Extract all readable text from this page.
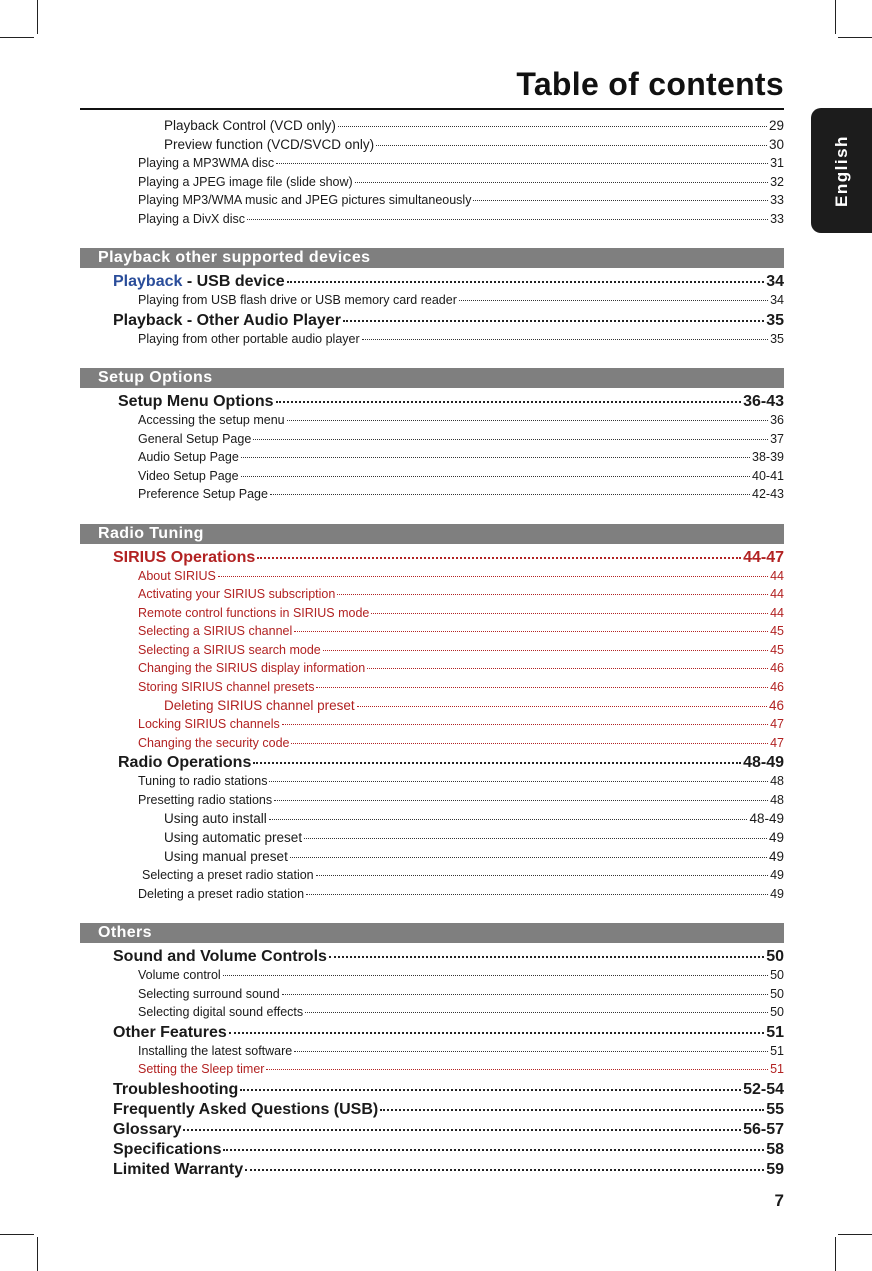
Table of contents
English
Playback Control (VCD only)	29
Preview function (VCD/SVCD only)	30
Playing a MP3WMA disc	31
Playing a JPEG image file (slide show)	32
Playing MP3/WMA music and JPEG pictures simultaneously	33
Playing a DivX disc	33
Playback other supported devices
Playback - USB device	34
Playing from USB flash drive or USB memory card reader	34
Playback - Other Audio Player	35
Playing from other portable audio player	35
Setup Options
Setup Menu Options	36-43
Accessing the setup menu	36
General Setup Page	37
Audio Setup Page	38-39
Video Setup Page	40-41
Preference Setup Page	42-43
Radio Tuning
SIRIUS Operations	44-47
About SIRIUS	44
Activating your SIRIUS subscription	44
Remote control functions in SIRIUS mode	44
Selecting a SIRIUS channel	45
Selecting a SIRIUS search mode	45
Changing the SIRIUS display information	46
Storing SIRIUS channel presets	46
Deleting SIRIUS channel preset	46
Locking SIRIUS channels	47
Changing the security code	47
Radio Operations	48-49
Tuning to radio stations	48
Presetting radio stations	48
Using auto install	48-49
Using automatic preset	49
Using manual preset	49
Selecting a preset radio station	49
Deleting a preset radio station	49
Others
Sound and Volume Controls	50
Volume control	50
Selecting surround sound	50
Selecting digital sound effects	50
Other Features	51
Installing the latest software	51
Setting the Sleep timer	51
Troubleshooting	52-54
Frequently Asked Questions (USB)	55
Glossary	56-57
Specifications	58
Limited Warranty	59
7
